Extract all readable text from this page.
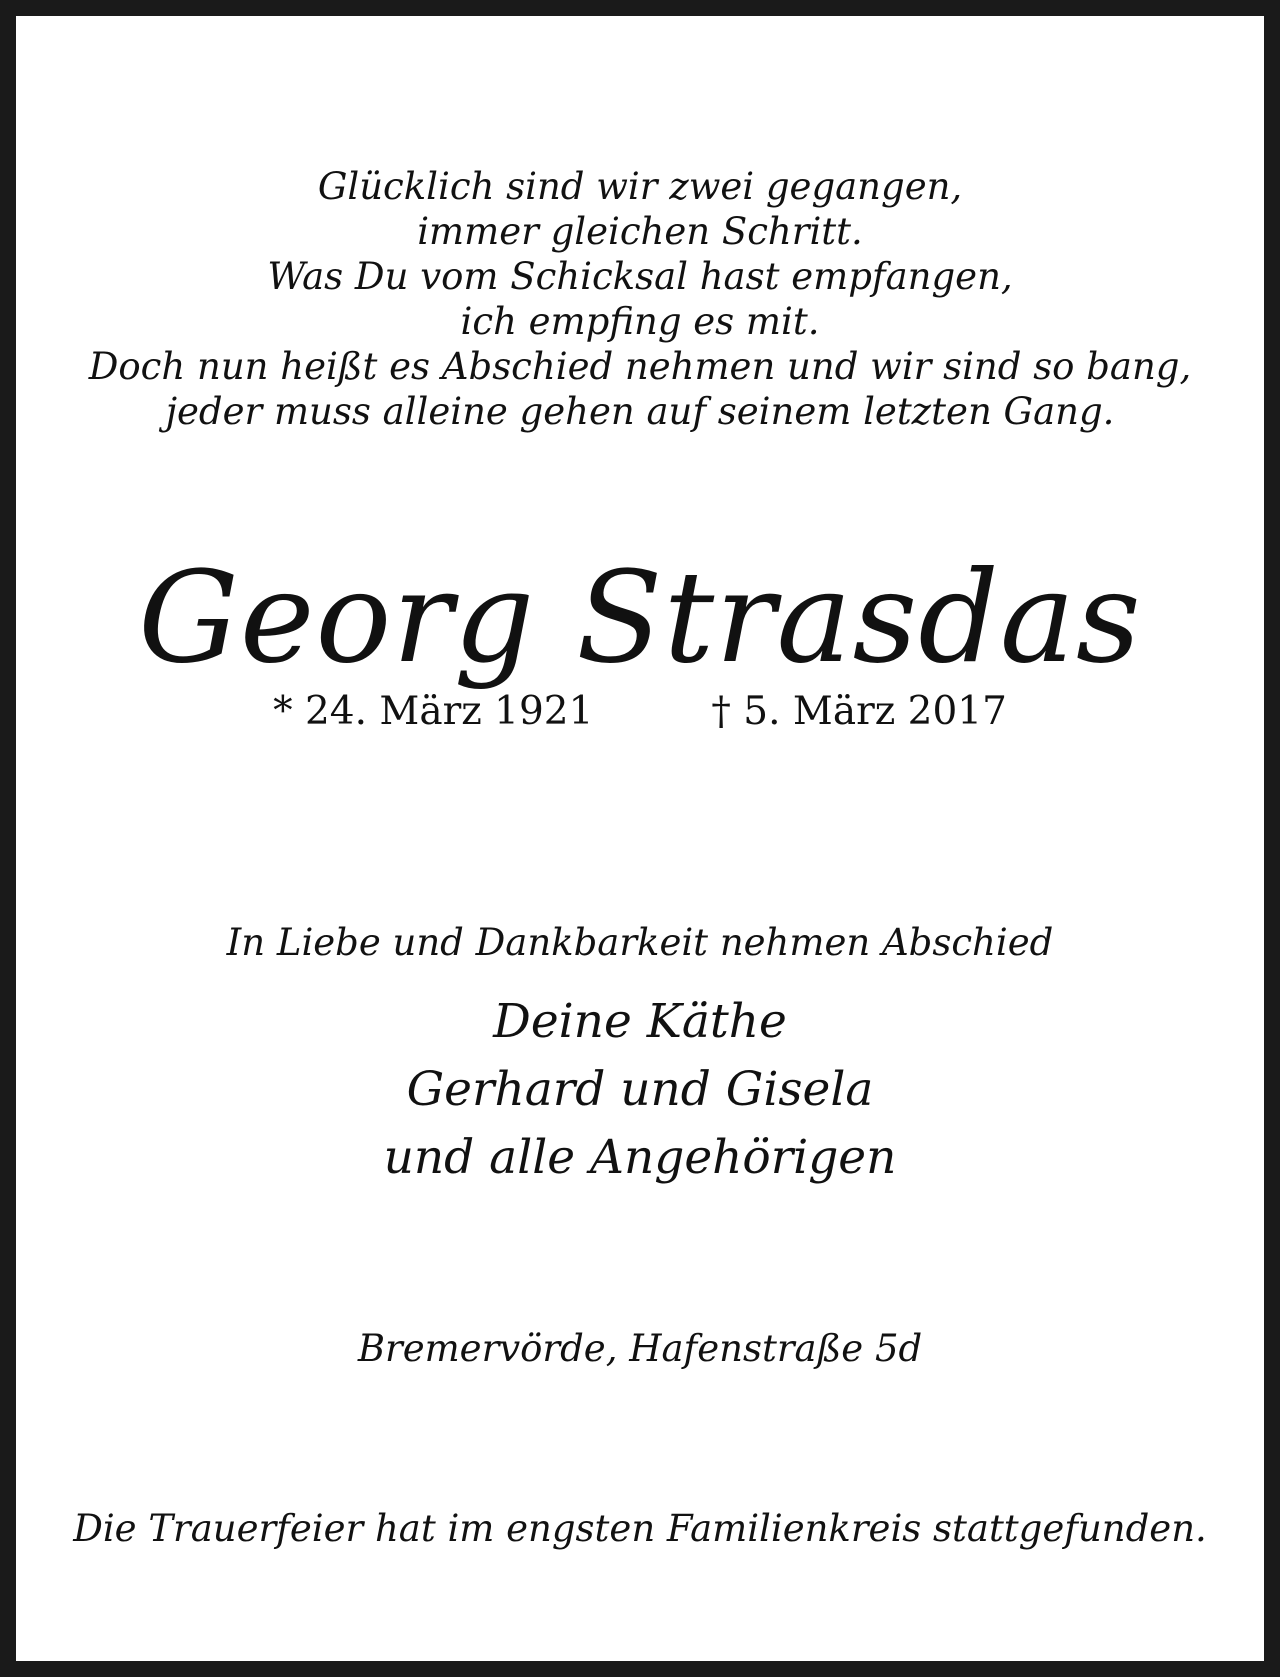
Glücklich sind wir zwei gegangen,
immer gleichen Schritt.
Was Du vom Schicksal hast empfangen,
ich empfing es mit.
Doch nun heißt es Abschied nehmen und wir sind so bang,
jeder muss alleine gehen auf seinem letzten Gang.
Georg Strasdas
* 24. März 1921	† 5. März 2017
In Liebe und Dankbarkeit nehmen Abschied
Deine Käthe
Gerhard und Gisela
und alle Angehörigen
Bremervörde, Hafenstraße 5d
Die Trauerfeier hat im engsten Familienkreis stattgefunden.
